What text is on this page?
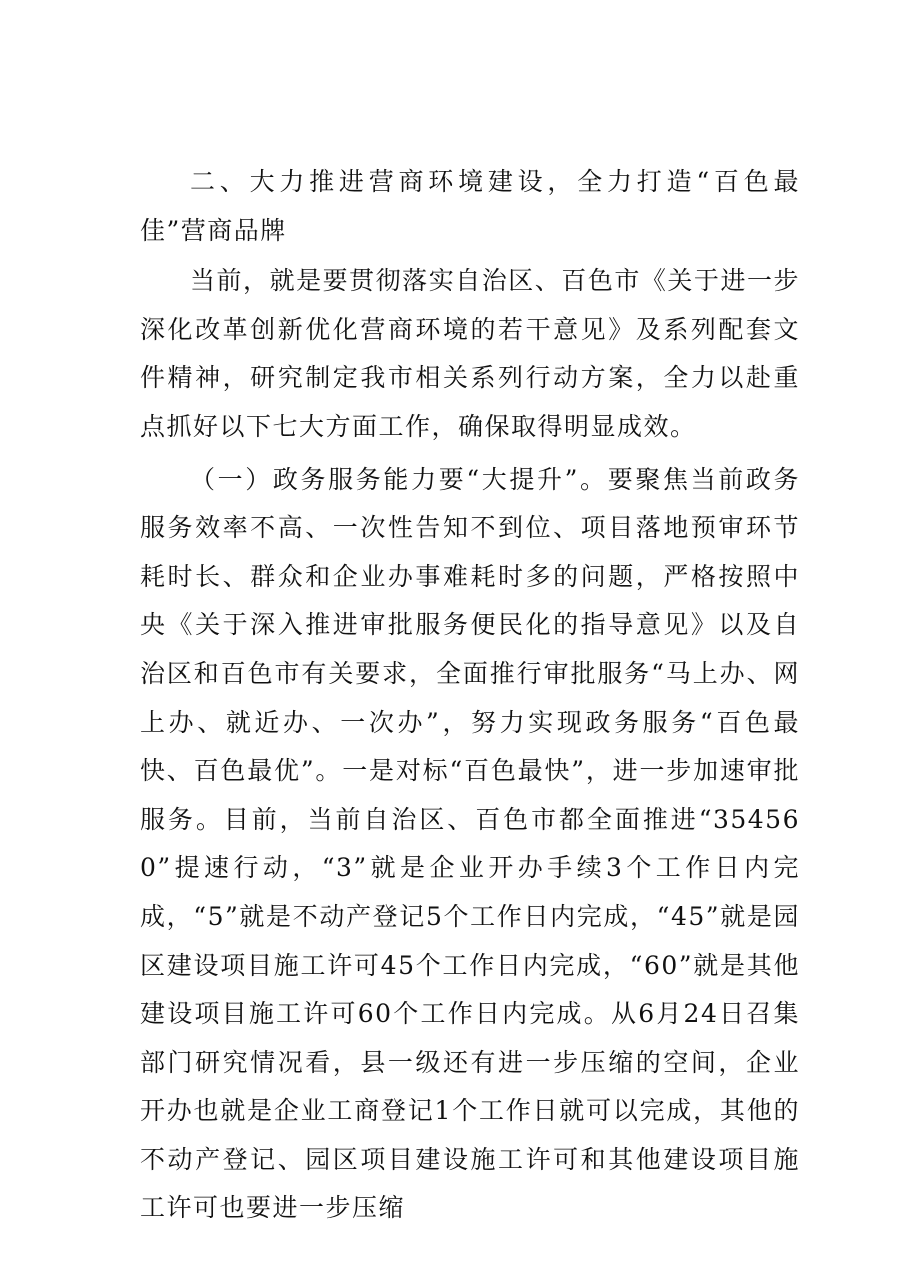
二、大力推进营商环境建设，全力打造“百色最佳”营商品牌

当前，就是要贯彻落实自治区、百色市《关于进一步深化改革创新优化营商环境的若干意见》及系列配套文件精神，研究制定我市相关系列行动方案，全力以赴重点抓好以下七大方面工作，确保取得明显成效。

（一）政务服务能力要“大提升”。要聚焦当前政务服务效率不高、一次性告知不到位、项目落地预审环节耗时长、群众和企业办事难耗时多的问题，严格按照中央《关于深入推进审批服务便民化的指导意见》以及自治区和百色市有关要求，全面推行审批服务“马上办、网上办、就近办、一次办”，努力实现政务服务“百色最快、百色最优”。一是对标“百色最快”，进一步加速审批服务。目前，当前自治区、百色市都全面推进“354560”提速行动，“3”就是企业开办手续3个工作日内完成，“5”就是不动产登记5个工作日内完成，“45”就是园区建设项目施工许可45个工作日内完成，“60”就是其他建设项目施工许可60个工作日内完成。从6月24日召集部门研究情况看，县一级还有进一步压缩的空间，企业开办也就是企业工商登记1个工作日就可以完成，其他的不动产登记、园区项目建设施工许可和其他建设项目施工许可也要进一步压缩
